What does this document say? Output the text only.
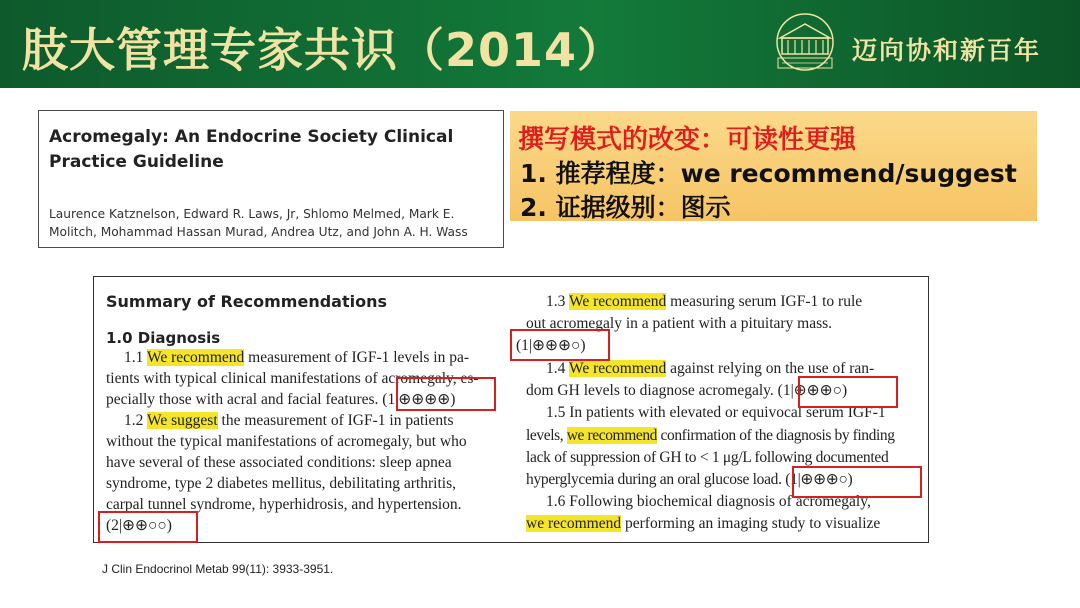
肢大管理专家共识（2014）	迈向协和新百年
Acromegaly: An Endocrine Society Clinical Practice Guideline
Laurence Katznelson, Edward R. Laws, Jr, Shlomo Melmed, Mark E. Molitch, Mohammad Hassan Murad, Andrea Utz, and John A. H. Wass
撰写模式的改变：可读性更强
1. 推荐程度：we recommend/suggest
2. 证据级别：图示
Summary of Recommendations
1.0 Diagnosis
1.1 We recommend measurement of IGF-1 levels in pa-
tients with typical clinical manifestations of acromegaly, es-
pecially those with acral and facial features. (1|⊕⊕⊕⊕)
1.2 We suggest the measurement of IGF-1 in patients
without the typical manifestations of acromegaly, but who
have several of these associated conditions: sleep apnea
syndrome, type 2 diabetes mellitus, debilitating arthritis,
carpal tunnel syndrome, hyperhidrosis, and hypertension.
(2|⊕⊕○○)
1.3 We recommend measuring serum IGF-1 to rule
out acromegaly in a patient with a pituitary mass.
(1|⊕⊕⊕○)
1.4 We recommend against relying on the use of ran-
dom GH levels to diagnose acromegaly. (1|⊕⊕⊕○)
1.5 In patients with elevated or equivocal serum IGF-1
levels, we recommend confirmation of the diagnosis by finding
lack of suppression of GH to < 1 μg/L following documented
hyperglycemia during an oral glucose load. (1|⊕⊕⊕○)
1.6 Following biochemical diagnosis of acromegaly,
we recommend performing an imaging study to visualize
J Clin Endocrinol Metab 99(11): 3933-3951.
